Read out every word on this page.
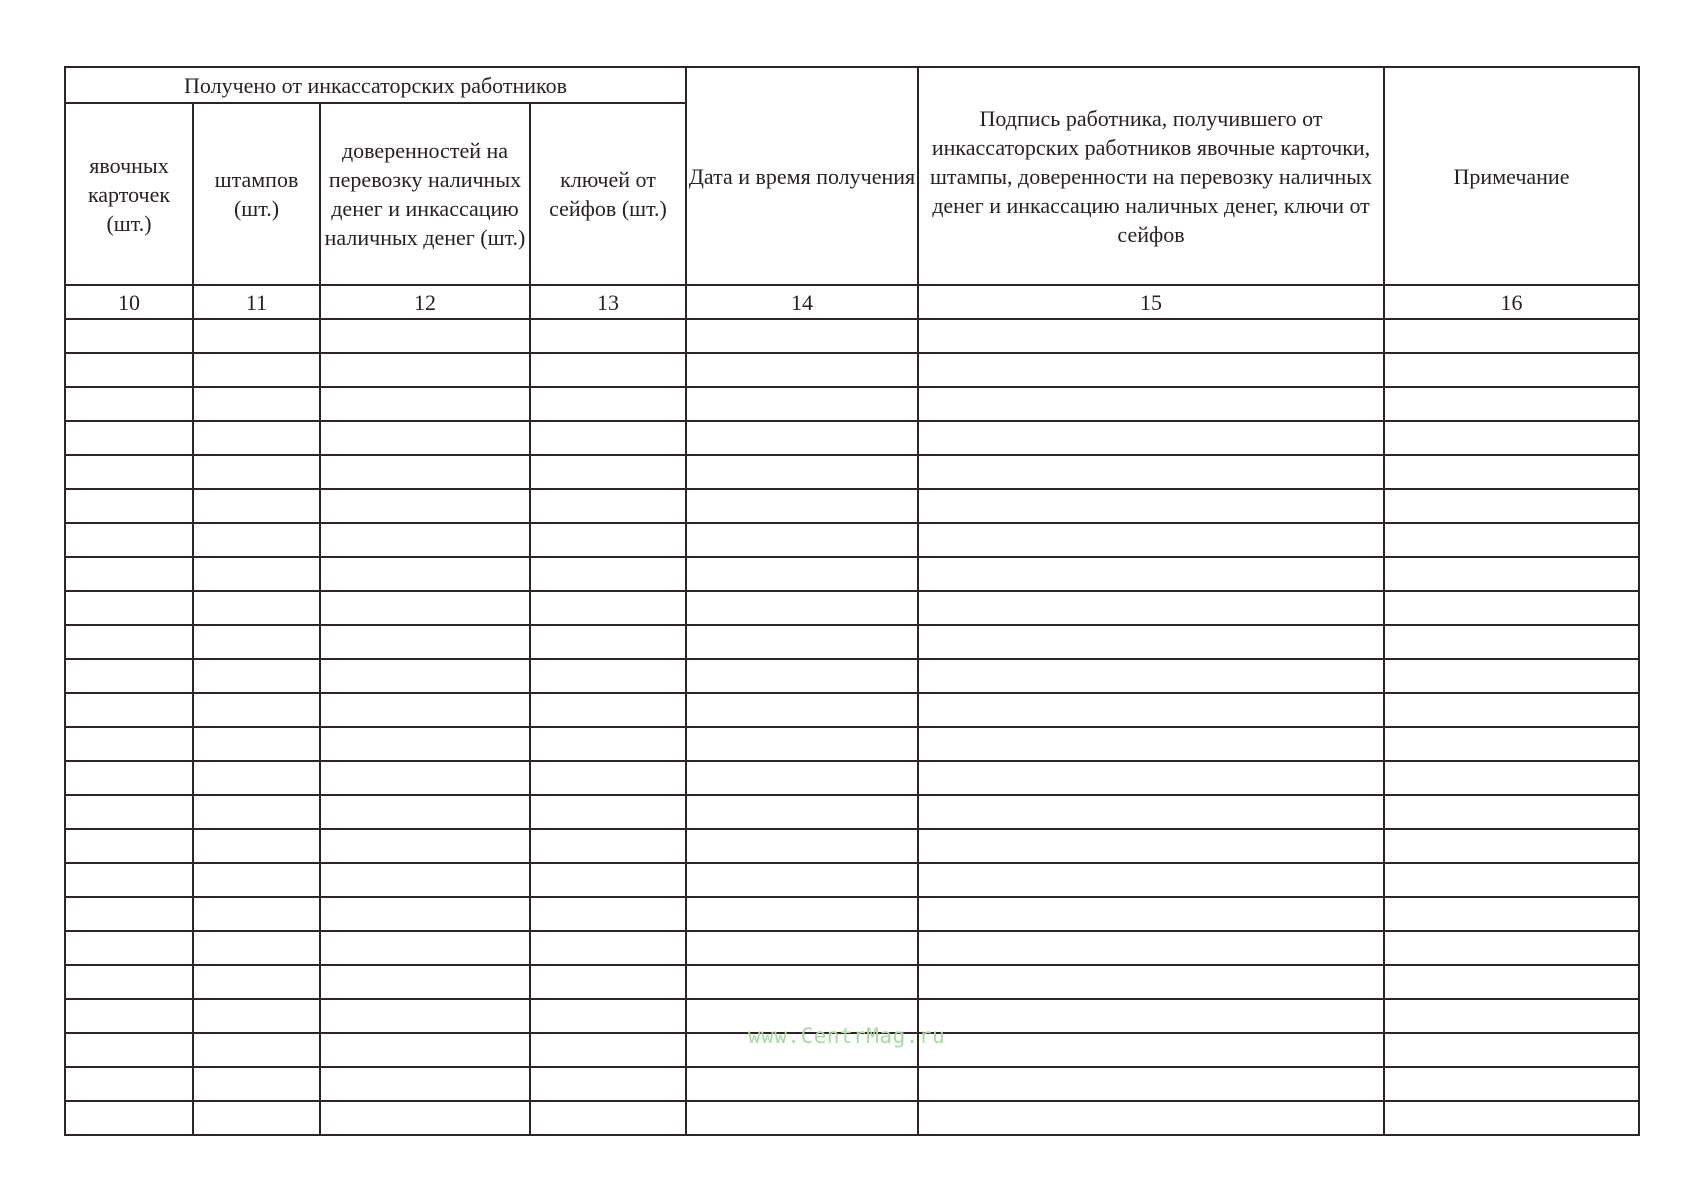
Получено от инкассаторских работников				Дата и время получения	Подпись работника, получившего от инкассаторских работников явочные карточки, штампы, доверенности на перевозку наличных денег и инкассацию наличных денег, ключи от сейфов	Примечание
явочных карточек (шт.)	штампов (шт.)	доверенностей на перевозку наличных денег и инкассацию наличных денег (шт.)	ключей от сейфов (шт.)			
10	11	12	13	14	15	16

www.CentrMag.ru
